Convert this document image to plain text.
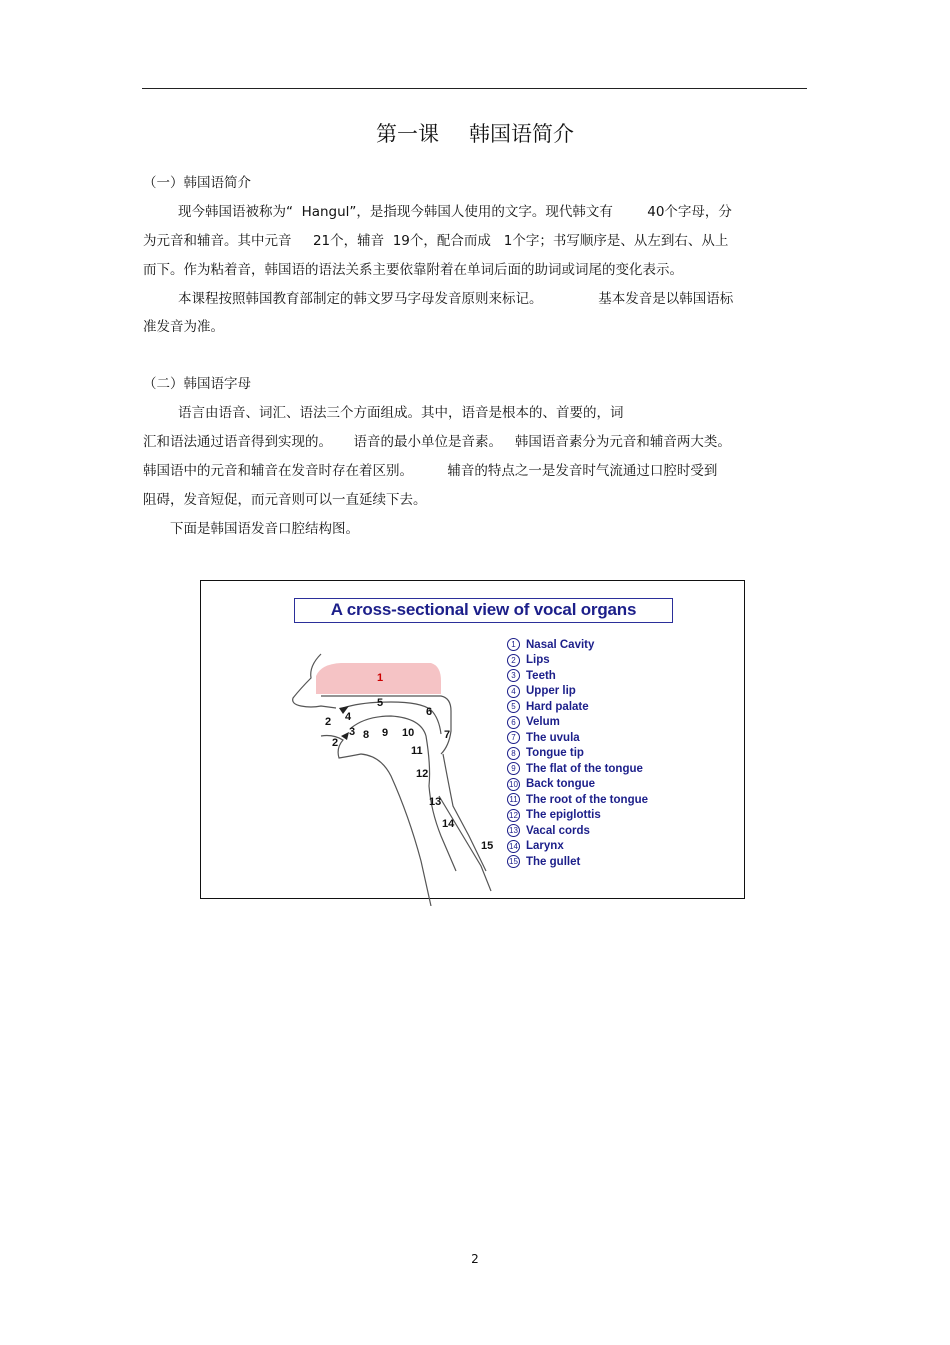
第一课 韩国语简介
（一）韩国语简介
现今韩国语被称为“  Hangul”，是指现今韩国人使用的文字。现代韩文有        40个字母，分
为元音和辅音。其中元音     21个，辅音  19个，配合而成   1个字；书写顺序是、从左到右、从上
而下。作为粘着音，韩国语的语法关系主要依靠附着在单词后面的助词或词尾的变化表示。
本课程按照韩国教育部制定的韩文罗马字母发音原则来标记。             基本发音是以韩国语标
准发音为准。
（二）韩国语字母
语言由语音、词汇、语法三个方面组成。其中，语音是根本的、首要的，词
汇和语法通过语音得到实现的。     语音的最小单位是音素。   韩国语音素分为元音和辅音两大类。
韩国语中的元音和辅音在发音时存在着区别。        辅音的特点之一是发音时气流通过口腔时受到
阻碍，发音短促，而元音则可以一直延续下去。
下面是韩国语发音口腔结构图。
A cross-sectional view of vocal organs
1
2
2
3
4
5
6
7
8 9 10
11
12
13
14
15
1 Nasal Cavity
2 Lips
3 Teeth
4 Upper lip
5 Hard palate
6 Velum
7 The uvula
8 Tongue tip
9 The flat of the tongue
10 Back tongue
11 The root of the tongue
12 The epiglottis
13 Vacal cords
14 Larynx
15 The gullet
2
